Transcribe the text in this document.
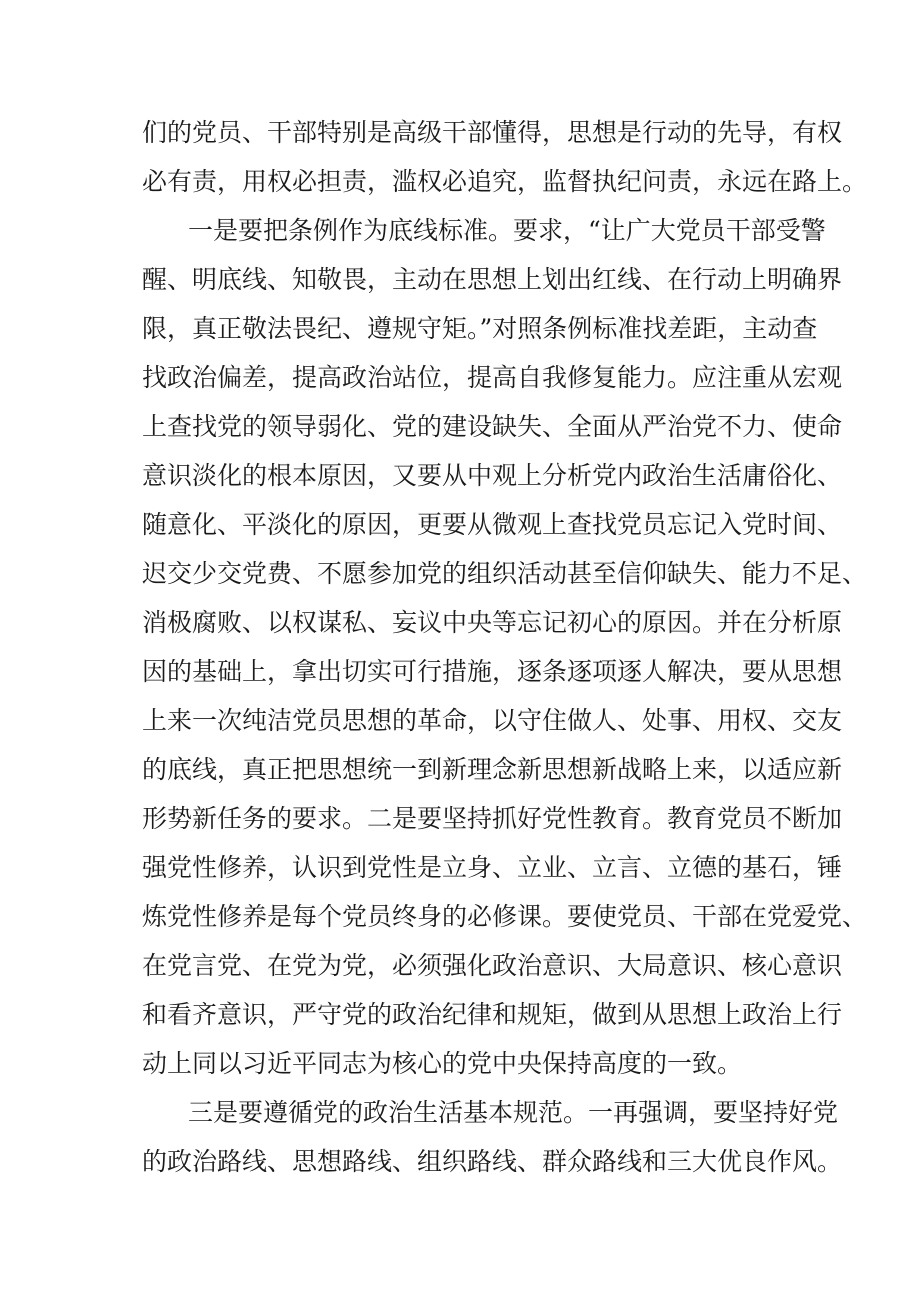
们的党员、干部特别是高级干部懂得，思想是行动的先导，有权
必有责，用权必担责，滥权必追究，监督执纪问责，永远在路上。
一是要把条例作为底线标准。要求，“让广大党员干部受警
醒、明底线、知敬畏，主动在思想上划出红线、在行动上明确界
限，真正敬法畏纪、遵规守矩。”对照条例标准找差距，主动查
找政治偏差，提高政治站位，提高自我修复能力。应注重从宏观
上查找党的领导弱化、党的建设缺失、全面从严治党不力、使命
意识淡化的根本原因，又要从中观上分析党内政治生活庸俗化、
随意化、平淡化的原因，更要从微观上查找党员忘记入党时间、
迟交少交党费、不愿参加党的组织活动甚至信仰缺失、能力不足、
消极腐败、以权谋私、妄议中央等忘记初心的原因。并在分析原
因的基础上，拿出切实可行措施，逐条逐项逐人解决，要从思想
上来一次纯洁党员思想的革命，以守住做人、处事、用权、交友
的底线，真正把思想统一到新理念新思想新战略上来，以适应新
形势新任务的要求。二是要坚持抓好党性教育。教育党员不断加
强党性修养，认识到党性是立身、立业、立言、立德的基石，锤
炼党性修养是每个党员终身的必修课。要使党员、干部在党爱党、
在党言党、在党为党，必须强化政治意识、大局意识、核心意识
和看齐意识，严守党的政治纪律和规矩，做到从思想上政治上行
动上同以习近平同志为核心的党中央保持高度的一致。
三是要遵循党的政治生活基本规范。一再强调，要坚持好党
的政治路线、思想路线、组织路线、群众路线和三大优良作风。
